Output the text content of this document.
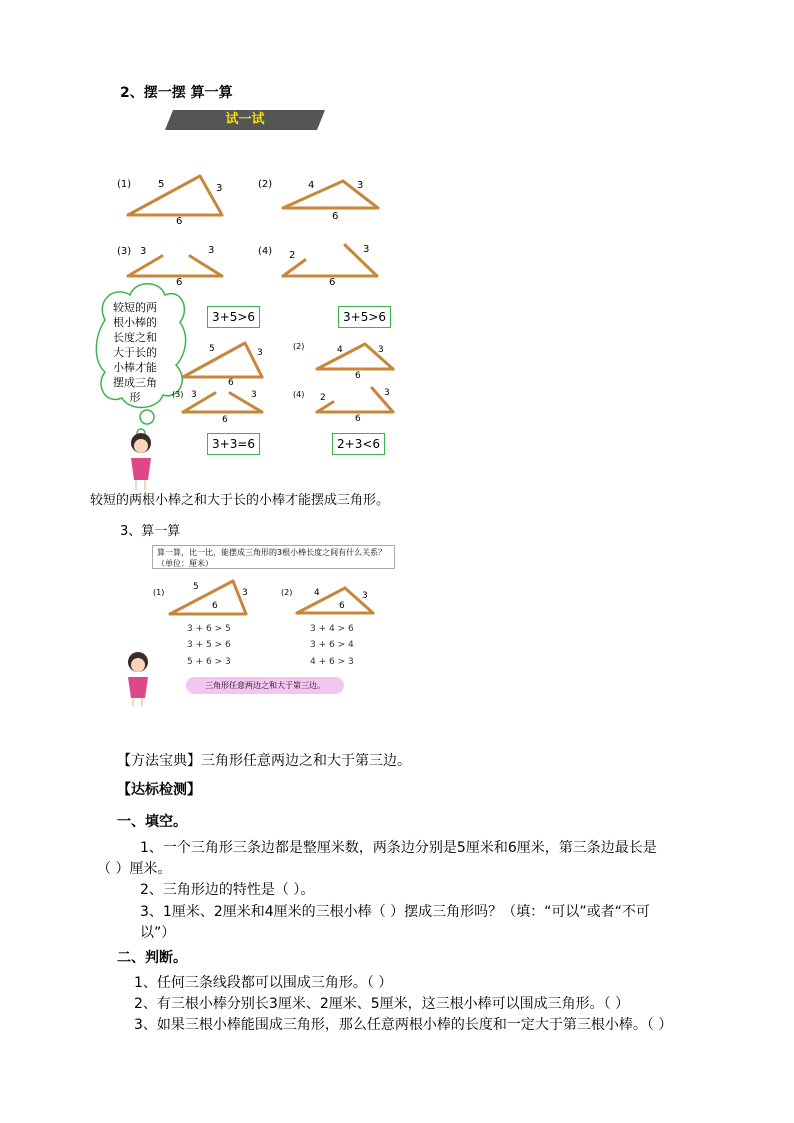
2、摆一摆 算一算
试一试
(1)	(2)
(3)	(4)
5	3
6
4	3
6
3	3
6
2
3
6
较短的两根小棒的长度之和大于长的小棒才能摆成三角形
3+5>6	3+5>6
3+3=6	2+3<6
(2)
(3)	(4)
5	3
6
4	3
6
3	3
6
2	3
6
较短的两根小棒之和大于长的小棒才能摆成三角形。
3、算一算
算一算，比一比，能摆成三角形的3根小棒长度之间有什么关系？（单位：厘米）
(1)	(2)
5
3
6
4	3
6
3 + 6 > 5
3 + 5 > 6
5 + 6 > 3
3 + 4 > 6
3 + 6 > 4
4 + 6 > 3
三角形任意两边之和大于第三边。
【方法宝典】三角形任意两边之和大于第三边。
【达标检测】
一、填空。
1、一个三角形三条边都是整厘米数，两条边分别是5厘米和6厘米，第三条边最长是
（ ）厘米。
2、三角形边的特性是（ ）。
3、1厘米、2厘米和4厘米的三根小棒（ ）摆成三角形吗？（填：“可以”或者“不可
以”）
二、判断。
1、任何三条线段都可以围成三角形。（ ）
2、有三根小棒分别长3厘米、2厘米、5厘米，这三根小棒可以围成三角形。（ ）
3、如果三根小棒能围成三角形，那么任意两根小棒的长度和一定大于第三根小棒。（ ）
